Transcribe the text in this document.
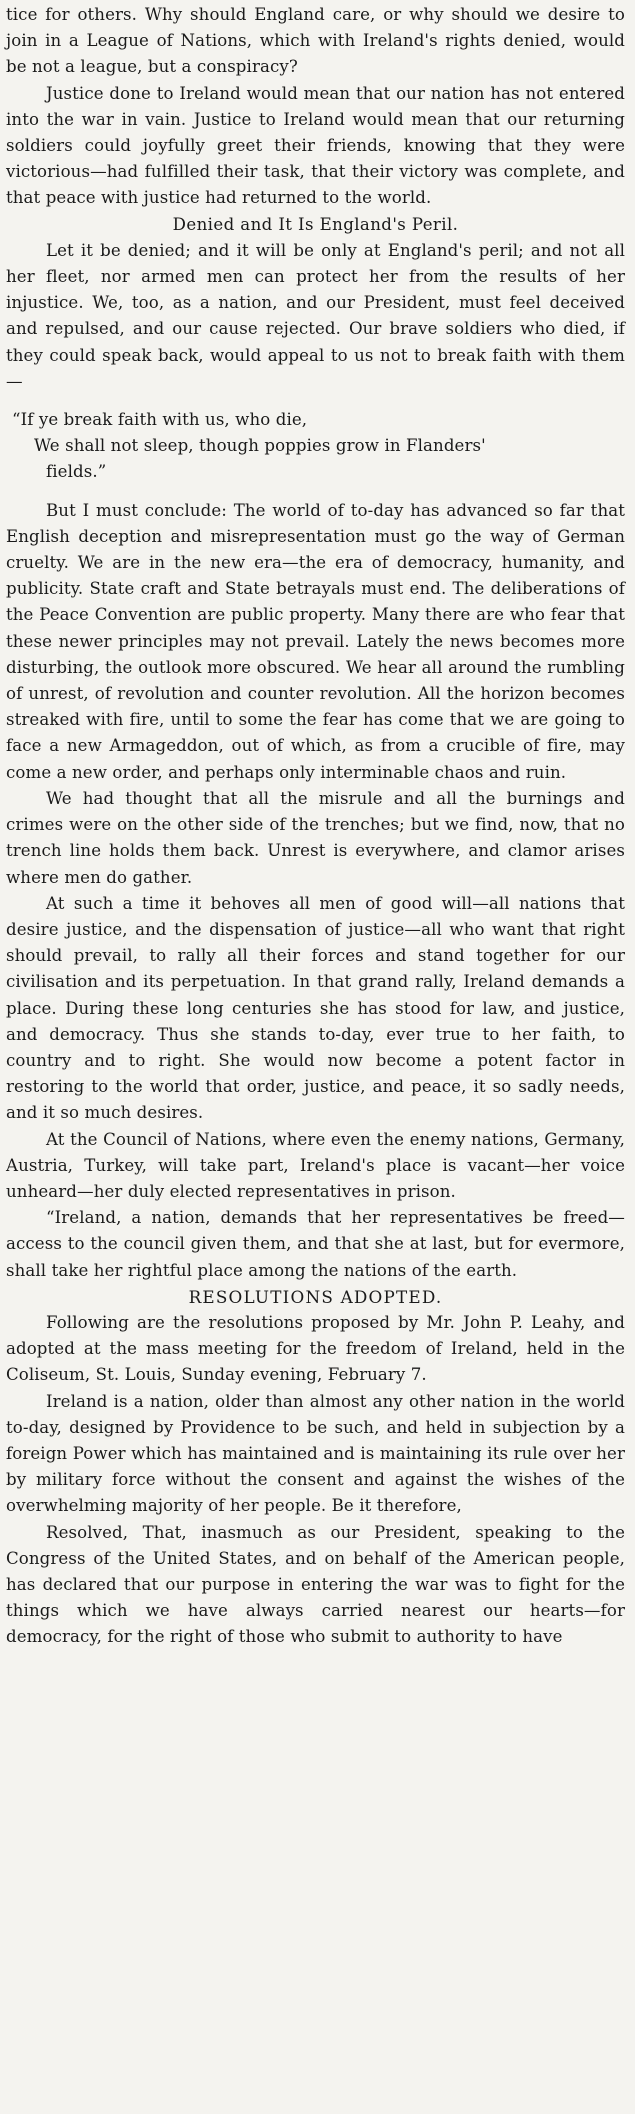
tice for others. Why should England care, or why should we desire to join in a League of Nations, which with Ireland's rights denied, would be not a league, but a conspiracy?

Justice done to Ireland would mean that our nation has not entered into the war in vain. Justice to Ireland would mean that our returning soldiers could joyfully greet their friends, knowing that they were victorious—had fulfilled their task, that their victory was complete, and that peace with justice had returned to the world.

Denied and It Is England's Peril.

Let it be denied; and it will be only at England's peril; and not all her fleet, nor armed men can protect her from the results of her injustice. We, too, as a nation, and our President, must feel deceived and repulsed, and our cause rejected. Our brave soldiers who died, if they could speak back, would appeal to us not to break faith with them—

“If ye break faith with us, who die,

We shall not sleep, though poppies grow in Flanders'

fields.”

But I must conclude: The world of to-day has advanced so far that English deception and misrepresentation must go the way of German cruelty. We are in the new era—the era of democracy, humanity, and publicity. State craft and State betrayals must end. The deliberations of the Peace Convention are public property. Many there are who fear that these newer principles may not prevail. Lately the news becomes more disturbing, the outlook more obscured. We hear all around the rumbling of unrest, of revolution and counter revolution. All the horizon becomes streaked with fire, until to some the fear has come that we are going to face a new Armageddon, out of which, as from a crucible of fire, may come a new order, and perhaps only interminable chaos and ruin.

We had thought that all the misrule and all the burnings and crimes were on the other side of the trenches; but we find, now, that no trench line holds them back. Unrest is everywhere, and clamor arises where men do gather.

At such a time it behoves all men of good will—all nations that desire justice, and the dispensation of justice—all who want that right should prevail, to rally all their forces and stand together for our civilisation and its perpetuation. In that grand rally, Ireland demands a place. During these long centuries she has stood for law, and justice, and democracy. Thus she stands to-day, ever true to her faith, to country and to right. She would now become a potent factor in restoring to the world that order, justice, and peace, it so sadly needs, and it so much desires.

At the Council of Nations, where even the enemy nations, Germany, Austria, Turkey, will take part, Ireland's place is vacant—her voice unheard—her duly elected representatives in prison.

“Ireland, a nation, demands that her representatives be freed—access to the council given them, and that she at last, but for evermore, shall take her rightful place among the nations of the earth.

RESOLUTIONS ADOPTED.

Following are the resolutions proposed by Mr. John P. Leahy, and adopted at the mass meeting for the freedom of Ireland, held in the Coliseum, St. Louis, Sunday evening, February 7.

Ireland is a nation, older than almost any other nation in the world to-day, designed by Providence to be such, and held in subjection by a foreign Power which has maintained and is maintaining its rule over her by military force without the consent and against the wishes of the overwhelming majority of her people. Be it therefore,

Resolved, That, inasmuch as our President, speaking to the Congress of the United States, and on behalf of the American people, has declared that our purpose in entering the war was to fight for the things which we have always carried nearest our hearts—for democracy, for the right of those who submit to authority to have
